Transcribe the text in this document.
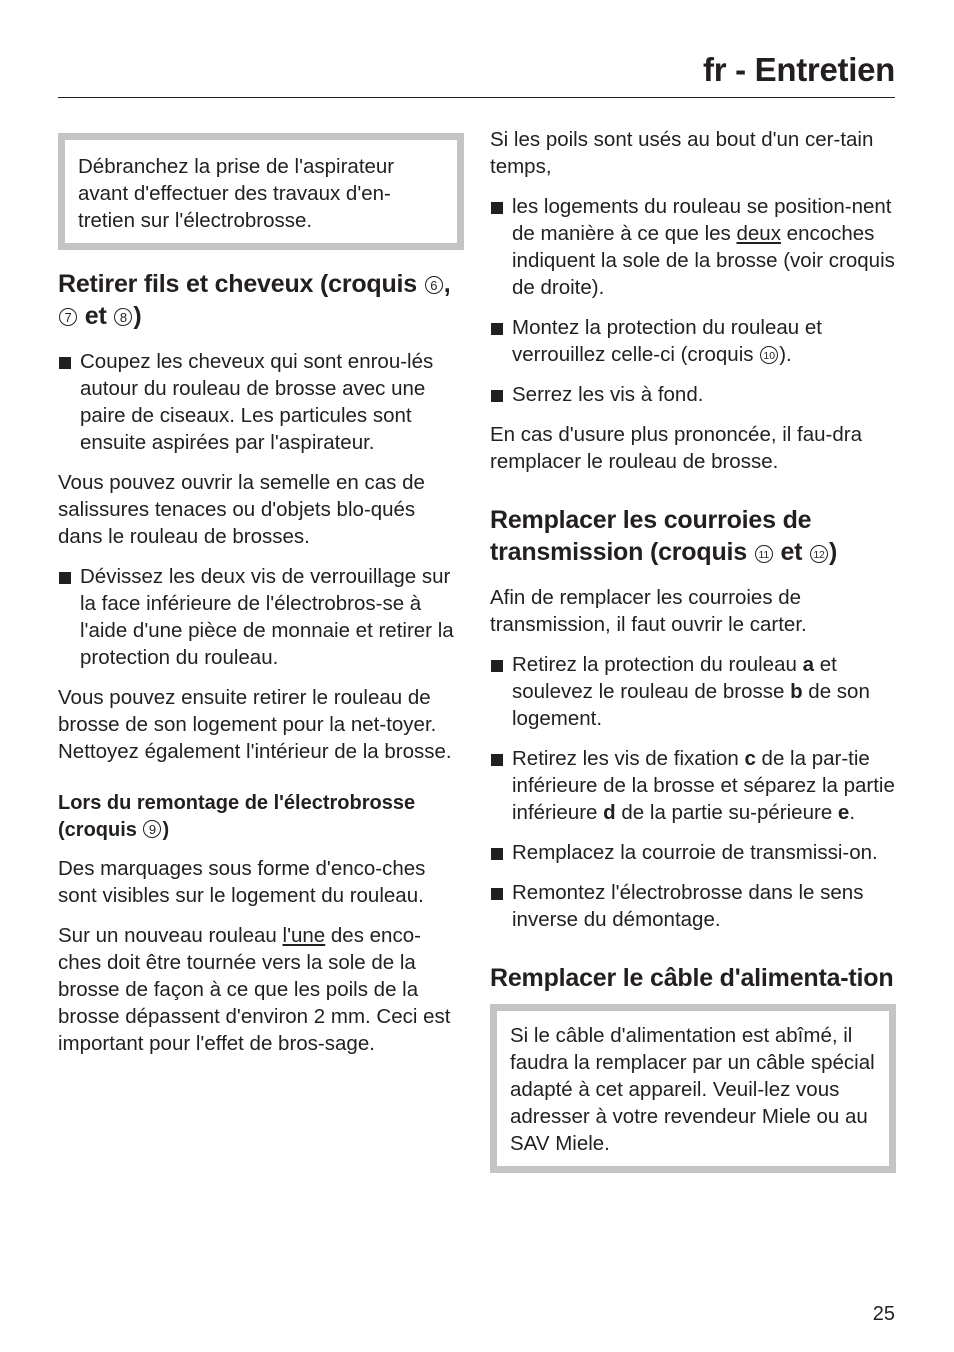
fr - Entretien

Débranchez la prise de l'aspirateur avant d'effectuer des travaux d'en-tretien sur l'électrobrosse.

Retirer fils et cheveux (croquis 6 , 7 et 8 )
Coupez les cheveux qui sont enrou-lés autour du rouleau de brosse avec une paire de ciseaux. Les particules sont ensuite aspirées par l'aspirateur.

Vous pouvez ouvrir la semelle en cas de salissures tenaces ou d'objets blo-qués dans le rouleau de brosses.

Dévissez les deux vis de verrouillage sur la face inférieure de l'électrobros-se à l'aide d'une pièce de monnaie et retirer la protection du rouleau.

Vous pouvez ensuite retirer le rouleau de brosse de son logement pour la net-toyer. Nettoyez également l'intérieur de la brosse.

Lors du remontage de l'électrobrosse (croquis 9 )

Des marquages sous forme d'enco-ches sont visibles sur le logement du rouleau.

Sur un nouveau rouleau l'une des enco-ches doit être tournée vers la sole de la brosse de façon à ce que les poils de la brosse dépassent d'environ 2 mm. Ceci est important pour l'effet de bros-sage.

Si les poils sont usés au bout d'un cer-tain temps,

les logements du rouleau se position-nent de manière à ce que les deux encoches indiquent la sole de la brosse (voir croquis de droite).
Montez la protection du rouleau et verrouillez celle-ci (croquis 10 ).
Serrez les vis à fond.

En cas d'usure plus prononcée, il fau-dra remplacer le rouleau de brosse.

Remplacer les courroies de transmission (croquis 11 et 12 )

Afin de remplacer les courroies de transmission, il faut ouvrir le carter.

Retirez la protection du rouleau a et soulevez le rouleau de brosse b de son logement.
Retirez les vis de fixation c de la par-tie inférieure de la brosse et séparez la partie inférieure d de la partie su-périeure e.
Remplacez la courroie de transmissi-on.
Remontez l'électrobrosse dans le sens inverse du démontage.
Remplacer le câble d'alimenta-tion

Si le câble d'alimentation est abîmé, il faudra la remplacer par un câble spécial adapté à cet appareil. Veuil-lez vous adresser à votre revendeur Miele ou au SAV Miele.

25
